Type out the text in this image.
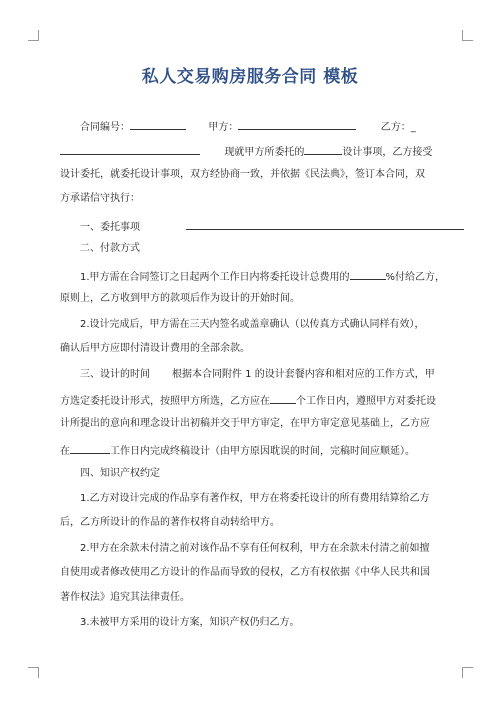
私人交易购房服务合同 模板
合同编号：	甲方：	乙方：_
现就甲方所委托的	设计事项，乙方接受
设计委托，就委托设计事项，双方经协商一致，并依据《民法典》，签订本合同，双
方承诺信守执行：
一、委托事项
二、付款方式
1.甲方需在合同签订之日起两个工作日内将委托设计总费用的	%付给乙方，
原则上，乙方收到甲方的款项后作为设计的开始时间。
2.设计完成后，甲方需在三天内签名或盖章确认（以传真方式确认同样有效），
确认后甲方应即付清设计费用的全部余款。
三、设计的时间 根据本合同附件 1 的设计套餐内容和相对应的工作方式，甲
方选定委托设计形式，按照甲方所选，乙方应在	个工作日内，遵照甲方对委托设
计所提出的意向和理念设计出初稿并交于甲方审定，在甲方审定意见基础上，乙方应
在	工作日内完成终稿设计（由甲方原因耽误的时间，完稿时间应顺延）。
四、知识产权约定
1.乙方对设计完成的作品享有著作权，甲方在将委托设计的所有费用结算给乙方
后，乙方所设计的作品的著作权将自动转给甲方。
2.甲方在余款未付清之前对该作品不享有任何权利，甲方在余款未付清之前如擅
自使用或者修改使用乙方设计的作品而导致的侵权，乙方有权依据《中华人民共和国
著作权法》追究其法律责任。
3.未被甲方采用的设计方案，知识产权仍归乙方。
